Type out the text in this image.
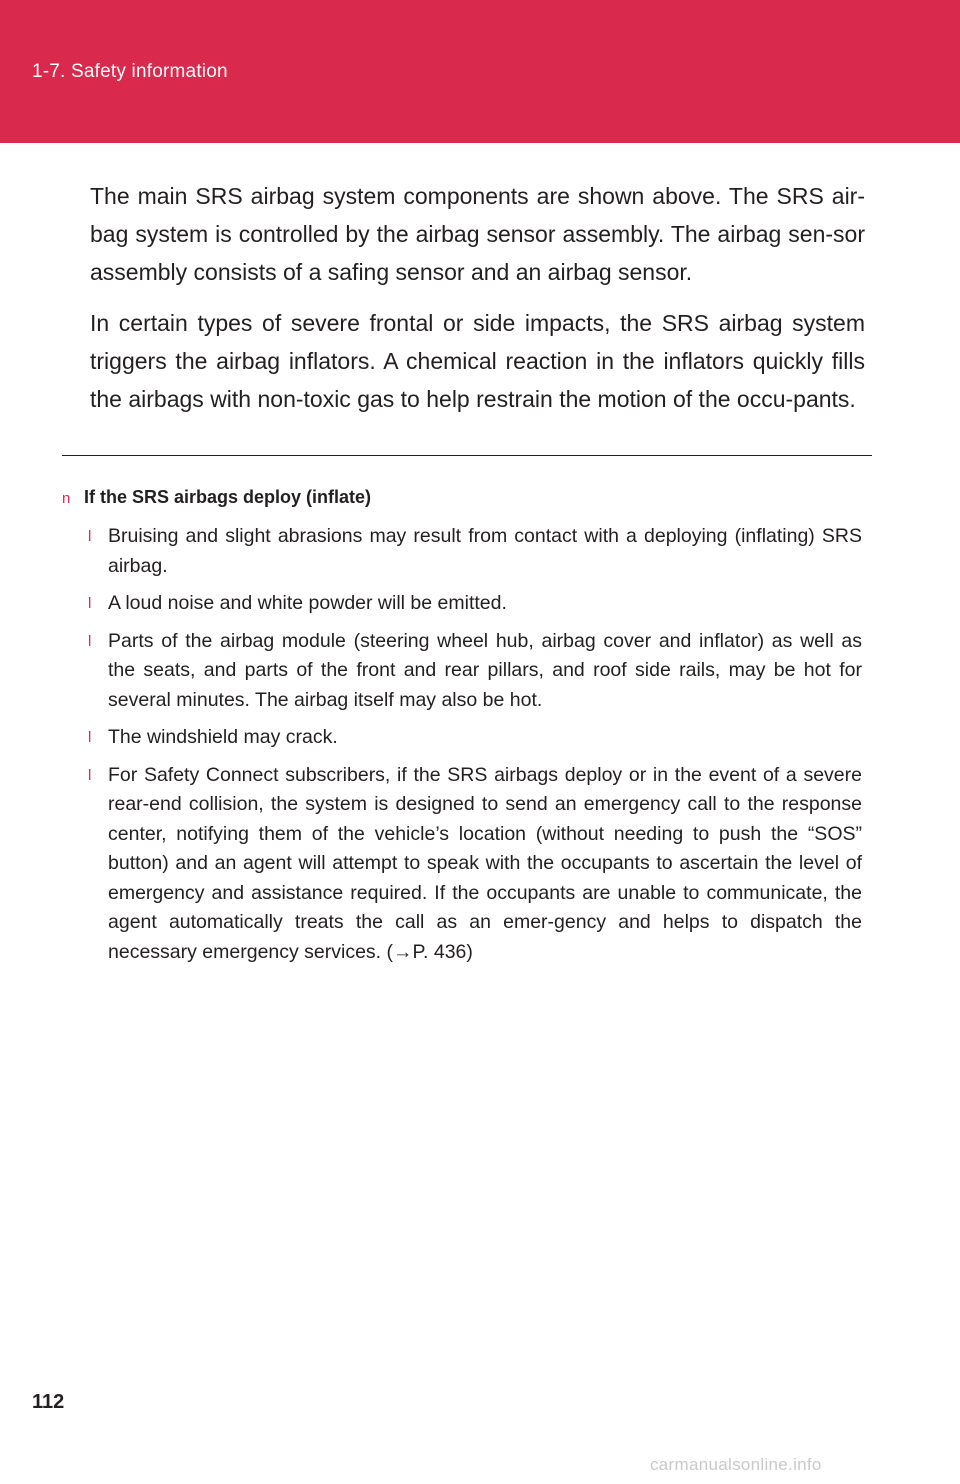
1-7. Safety information

The main SRS airbag system components are shown above. The SRS air-bag system is controlled by the airbag sensor assembly. The airbag sen-sor assembly consists of a safing sensor and an airbag sensor.

In certain types of severe frontal or side impacts, the SRS airbag system triggers the airbag inflators. A chemical reaction in the inflators quickly fills the airbags with non-toxic gas to help restrain the motion of the occu-pants.

n If the SRS airbags deploy (inflate)
l Bruising and slight abrasions may result from contact with a deploying (inflating) SRS airbag.
l A loud noise and white powder will be emitted.
l Parts of the airbag module (steering wheel hub, airbag cover and inflator) as well as the seats, and parts of the front and rear pillars, and roof side rails, may be hot for several minutes. The airbag itself may also be hot.
l The windshield may crack.
l For Safety Connect subscribers, if the SRS airbags deploy or in the event of a severe rear-end collision, the system is designed to send an emergency call to the response center, notifying them of the vehicle’s location (without needing to push the “SOS” button) and an agent will attempt to speak with the occupants to ascertain the level of emergency and assistance required. If the occupants are unable to communicate, the agent automatically treats the call as an emer-gency and helps to dispatch the necessary emergency services. (→P. 436)
112
carmanualsonline.info
